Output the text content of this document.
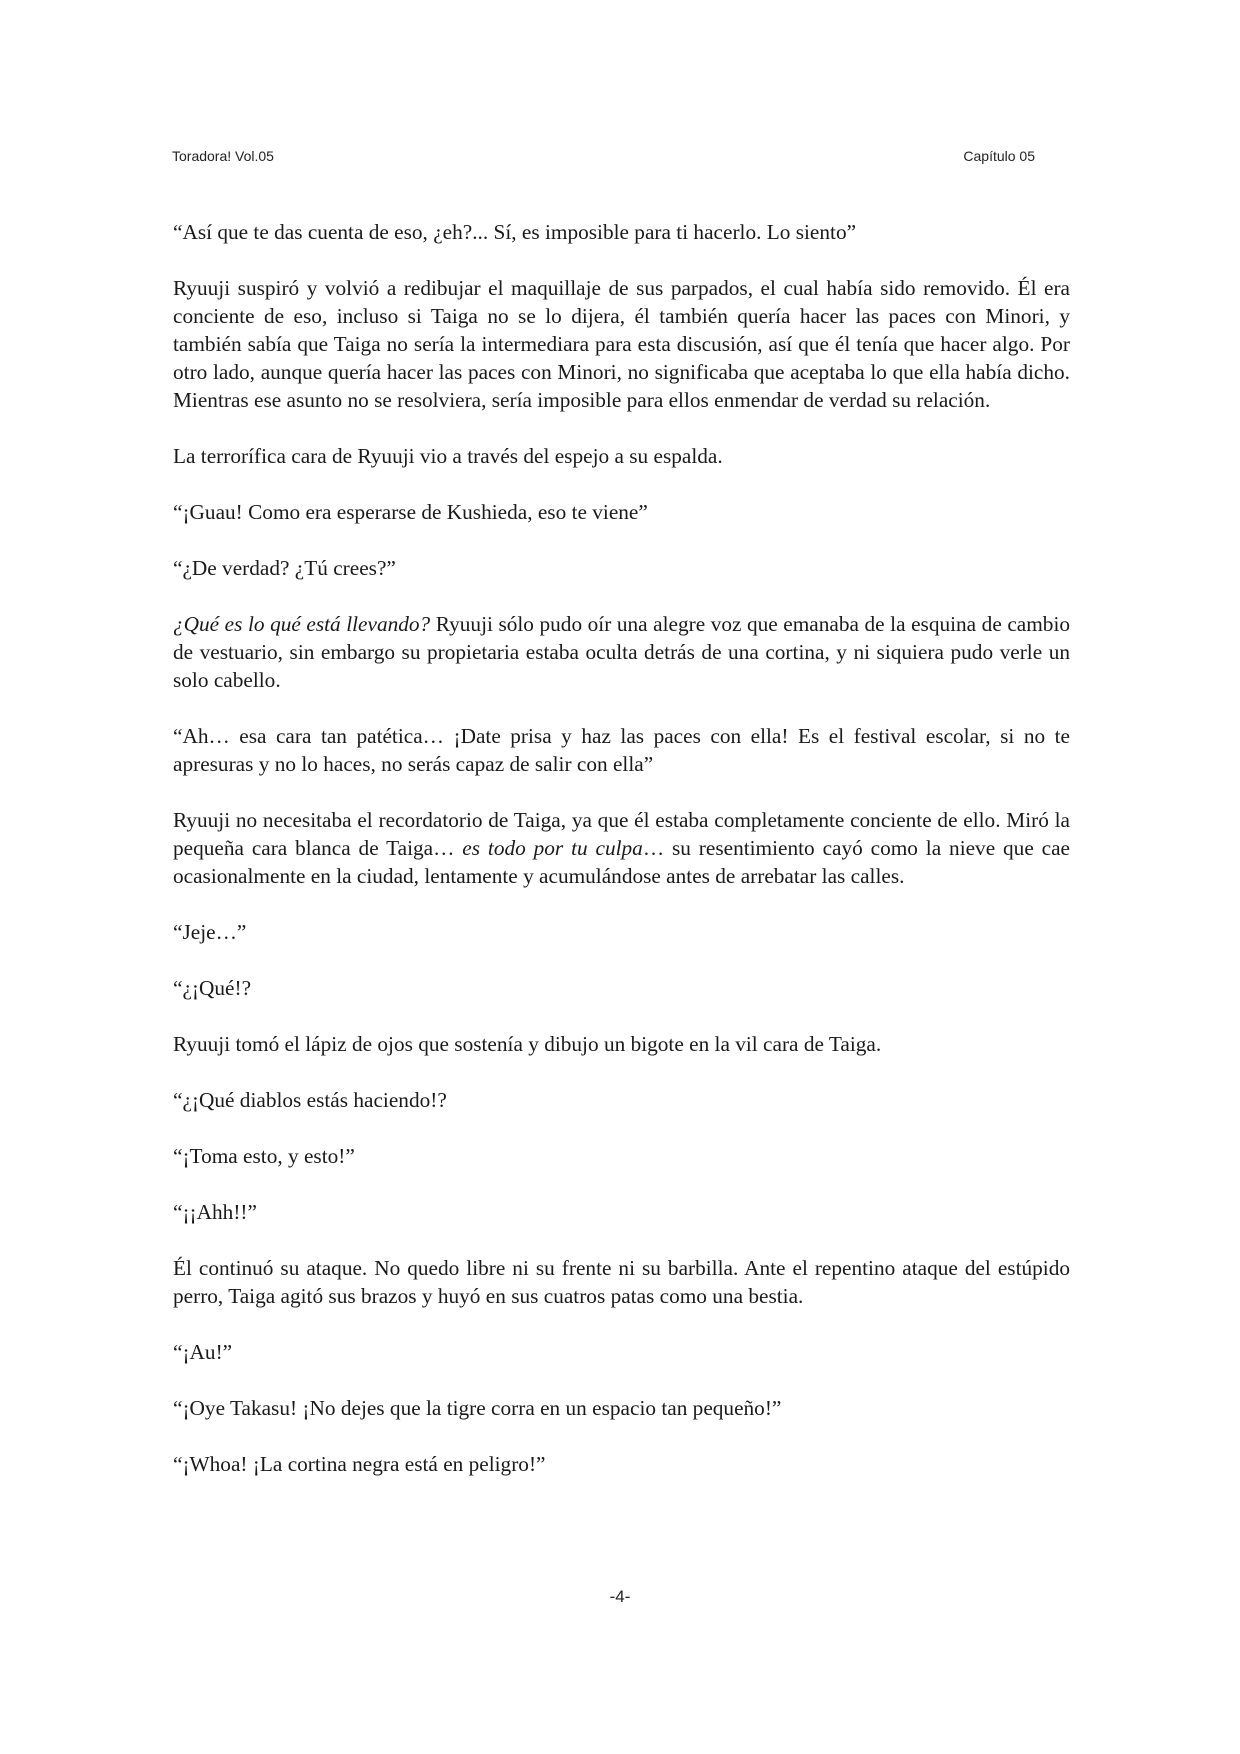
Toradora! Vol.05	Capítulo 05

“Así que te das cuenta de eso, ¿eh?... Sí, es imposible para ti hacerlo. Lo siento”

Ryuuji suspiró y volvió a redibujar el maquillaje de sus parpados, el cual había sido removido. Él era conciente de eso, incluso si Taiga no se lo dijera, él también quería hacer las paces con Minori, y también sabía que Taiga no sería la intermediara para esta discusión, así que él tenía que hacer algo. Por otro lado, aunque quería hacer las paces con Minori, no significaba que aceptaba lo que ella había dicho. Mientras ese asunto no se resolviera, sería imposible para ellos enmendar de verdad su relación.

La terrorífica cara de Ryuuji vio a través del espejo a su espalda.

“¡Guau! Como era esperarse de Kushieda, eso te viene”

“¿De verdad? ¿Tú crees?”

¿Qué es lo qué está llevando? Ryuuji sólo pudo oír una alegre voz que emanaba de la esquina de cambio de vestuario, sin embargo su propietaria estaba oculta detrás de una cortina, y ni siquiera pudo verle un solo cabello.

“Ah… esa cara tan patética… ¡Date prisa y haz las paces con ella! Es el festival escolar, si no te apresuras y no lo haces, no serás capaz de salir con ella”

Ryuuji no necesitaba el recordatorio de Taiga, ya que él estaba completamente conciente de ello. Miró la pequeña cara blanca de Taiga… es todo por tu culpa… su resentimiento cayó como la nieve que cae ocasionalmente en la ciudad, lentamente y acumulándose antes de arrebatar las calles.

“Jeje…”

“¿¡Qué!?

Ryuuji tomó el lápiz de ojos que sostenía y dibujo un bigote en la vil cara de Taiga.

“¿¡Qué diablos estás haciendo!?

“¡Toma esto, y esto!”

“¡¡Ahh!!”

Él continuó su ataque. No quedo libre ni su frente ni su barbilla. Ante el repentino ataque del estúpido perro, Taiga agitó sus brazos y huyó en sus cuatros patas como una bestia.

“¡Au!”

“¡Oye Takasu! ¡No dejes que la tigre corra en un espacio tan pequeño!”

“¡Whoa! ¡La cortina negra está en peligro!”

-4-
